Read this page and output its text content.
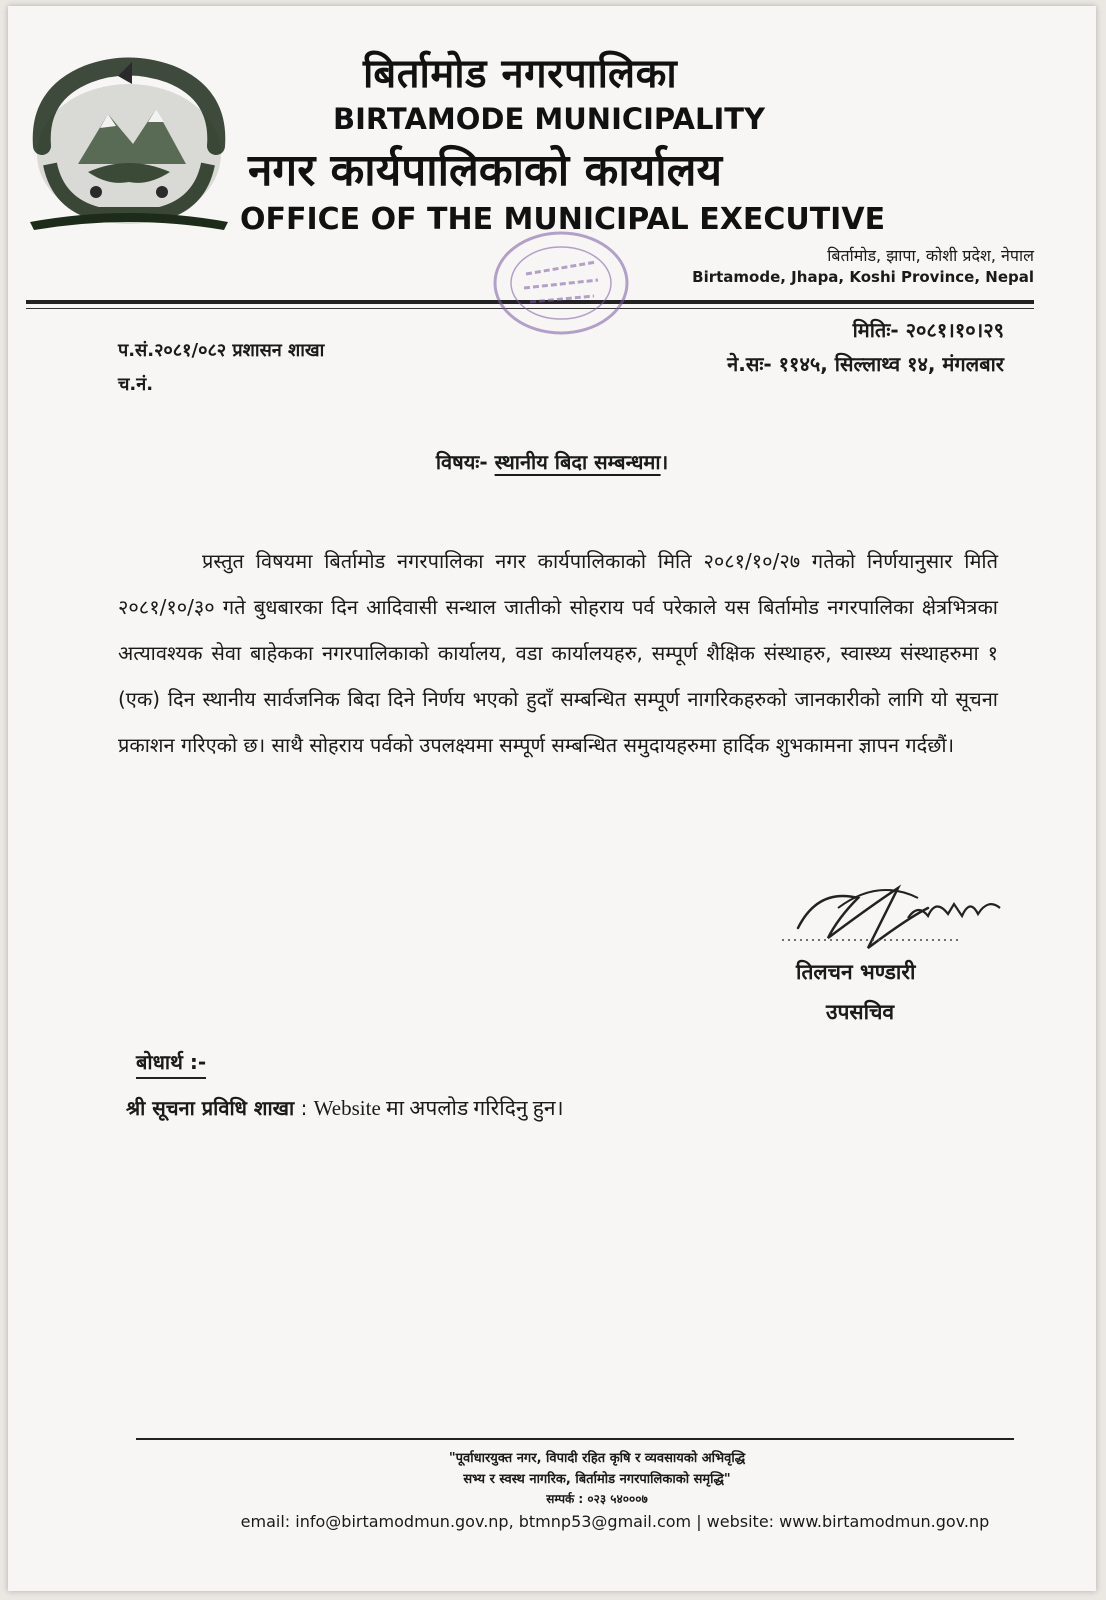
बिर्तामोड नगरपालिका
BIRTAMODE MUNICIPALITY
नगर कार्यपालिकाको कार्यालय
OFFICE OF THE MUNICIPAL EXECUTIVE
बिर्तामोड, झापा, कोशी प्रदेश, नेपाल
Birtamode, Jhapa, Koshi Province, Nepal
प.सं.२०८१/०८२ प्रशासन शाखा
च.नं.
मितिः- २०८१।१०।२९
ने.सः- ११४५, सिल्लाथ्व १४, मंगलबार
विषयः- स्थानीय बिदा सम्बन्धमा।
प्रस्तुत विषयमा बिर्तामोड नगरपालिका नगर कार्यपालिकाको मिति २०८१/१०/२७ गतेको निर्णयानुसार मिति २०८१/१०/३० गते बुधबारका दिन आदिवासी सन्थाल जातीको सोहराय पर्व परेकाले यस बिर्तामोड नगरपालिका क्षेत्रभित्रका अत्यावश्यक सेवा बाहेकका नगरपालिकाको कार्यालय, वडा कार्यालयहरु, सम्पूर्ण शैक्षिक संस्थाहरु, स्वास्थ्य संस्थाहरुमा १ (एक) दिन स्थानीय सार्वजनिक बिदा दिने निर्णय भएको हुदाँ सम्बन्धित सम्पूर्ण नागरिकहरुको जानकारीको लागि यो सूचना प्रकाशन गरिएको छ। साथै सोहराय पर्वको उपलक्ष्यमा सम्पूर्ण सम्बन्धित समुदायहरुमा हार्दिक शुभकामना ज्ञापन गर्दछौं।
तिलचन भण्डारी
उपसचिव
बोधार्थ :-
श्री सूचना प्रविधि शाखा : Website मा अपलोड गरिदिनु हुन।
"पूर्वाधारयुक्त नगर, विपादी रहित कृषि र व्यवसायको अभिवृद्धि
सभ्य र स्वस्थ नागरिक, बिर्तामोड नगरपालिकाको समृद्धि"
सम्पर्क : ०२३ ५४०००७
email: info@birtamodmun.gov.np, btmnp53@gmail.com | website: www.birtamodmun.gov.np
